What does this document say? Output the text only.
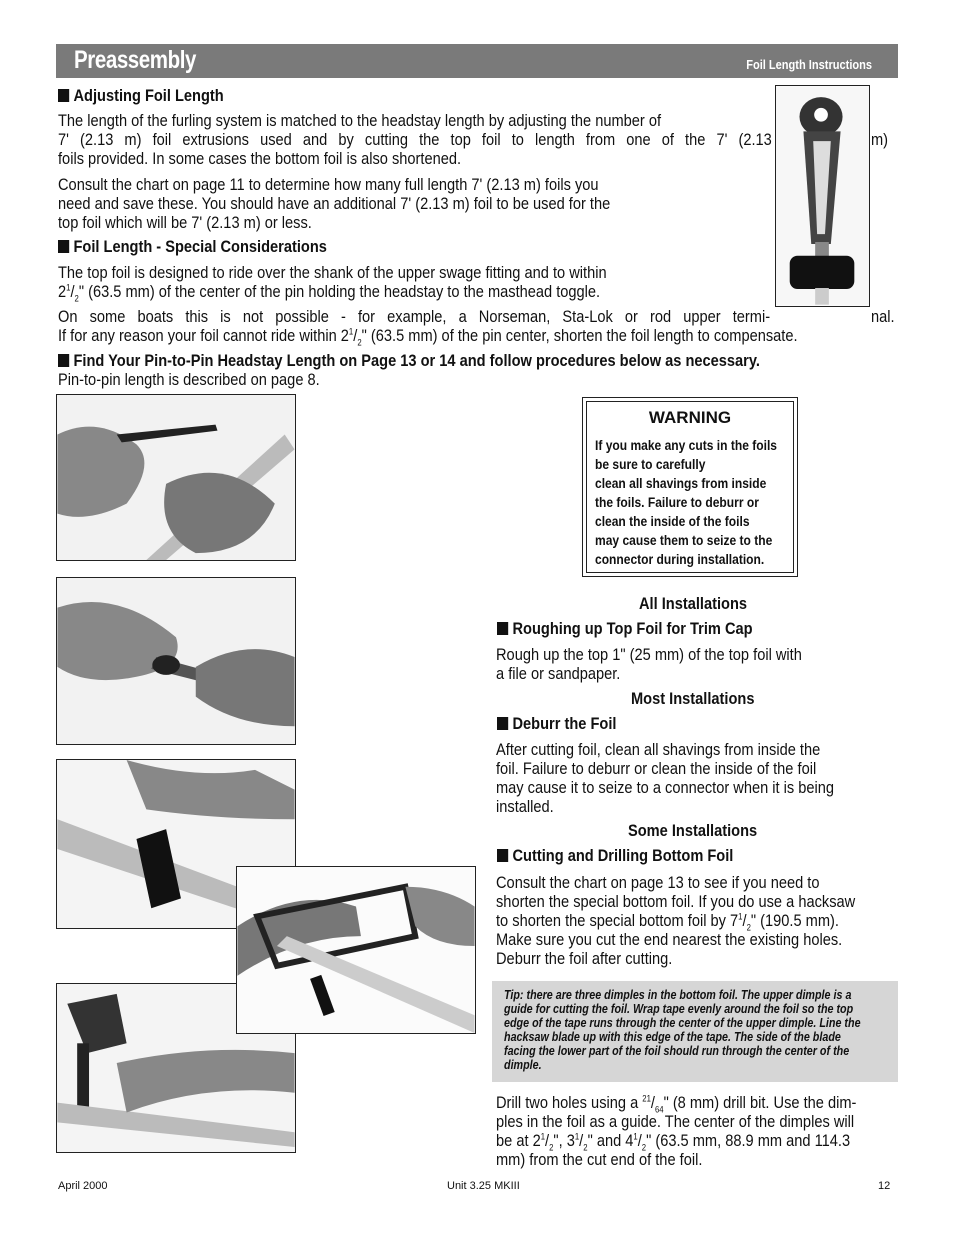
Preassembly	Foil Length Instructions
Adjusting Foil Length
The length of the furling system is matched to the headstay length by adjusting the number of
7' (2.13 m) foil extrusions used and by cutting the top foil to length from one of the 7' (2.13
foils provided. In some cases the bottom foil is also shortened.
m)
Consult the chart on page 11 to determine how many full length 7' (2.13 m) foils you
need and save these. You should have an additional 7' (2.13 m) foil to be used for the
top foil which will be 7' (2.13 m) or less.
Foil Length - Special Considerations
The top foil is designed to ride over the shank of the upper swage fitting and to within
$2^1/_2$" (63.5 mm) of the center of the pin holding the headstay to the masthead toggle.
On some boats this is not possible - for example, a Norseman, Sta-Lok or rod upper termi-
If for any reason your foil cannot ride within $2^1/_2$" (63.5 mm) of the pin center, shorten the foil length to compensate.
nal.
Find Your Pin-to-Pin Headstay Length on Page 13 or 14 and follow procedures below as necessary.
Pin-to-pin length is described on page 8.
WARNING
If you make any cuts in the foils
be sure to carefully
clean all shavings from inside
the foils. Failure to deburr or
clean the inside of the foils
may cause them to seize to the
connector during installation.
All Installations
Roughing up Top Foil for Trim Cap
Rough up the top 1" (25 mm) of the top foil with
a file or sandpaper.
Most Installations
Deburr the Foil
After cutting foil, clean all shavings from inside the
foil. Failure to deburr or clean the inside of the foil
may cause it to seize to a connector when it is being
installed.
Some Installations
Cutting and Drilling Bottom Foil
Consult the chart on page 13 to see if you need to
shorten the special bottom foil. If you do use a hacksaw
to shorten the special bottom foil by $7^1/_2$" (190.5 mm).
Make sure you cut the end nearest the existing holes.
Deburr the foil after cutting.
Tip: there are three dimples in the bottom foil. The upper dimple is a
guide for cutting the foil. Wrap tape evenly around the foil so the top
edge of the tape runs through the center of the upper dimple. Line the
hacksaw blade up with this edge of the tape. The side of the blade
facing the lower part of the foil should run through the center of the
dimple.
Drill two holes using a $^{21}/_{64}$" (8 mm) drill bit. Use the dim-
ples in the foil as a guide. The center of the dimples will
be at $2^1/_2$", $3^1/_2$" and $4^1/_2$" (63.5 mm, 88.9 mm and 114.3
mm) from the cut end of the foil.
April 2000	Unit 3.25 MKIII	12
